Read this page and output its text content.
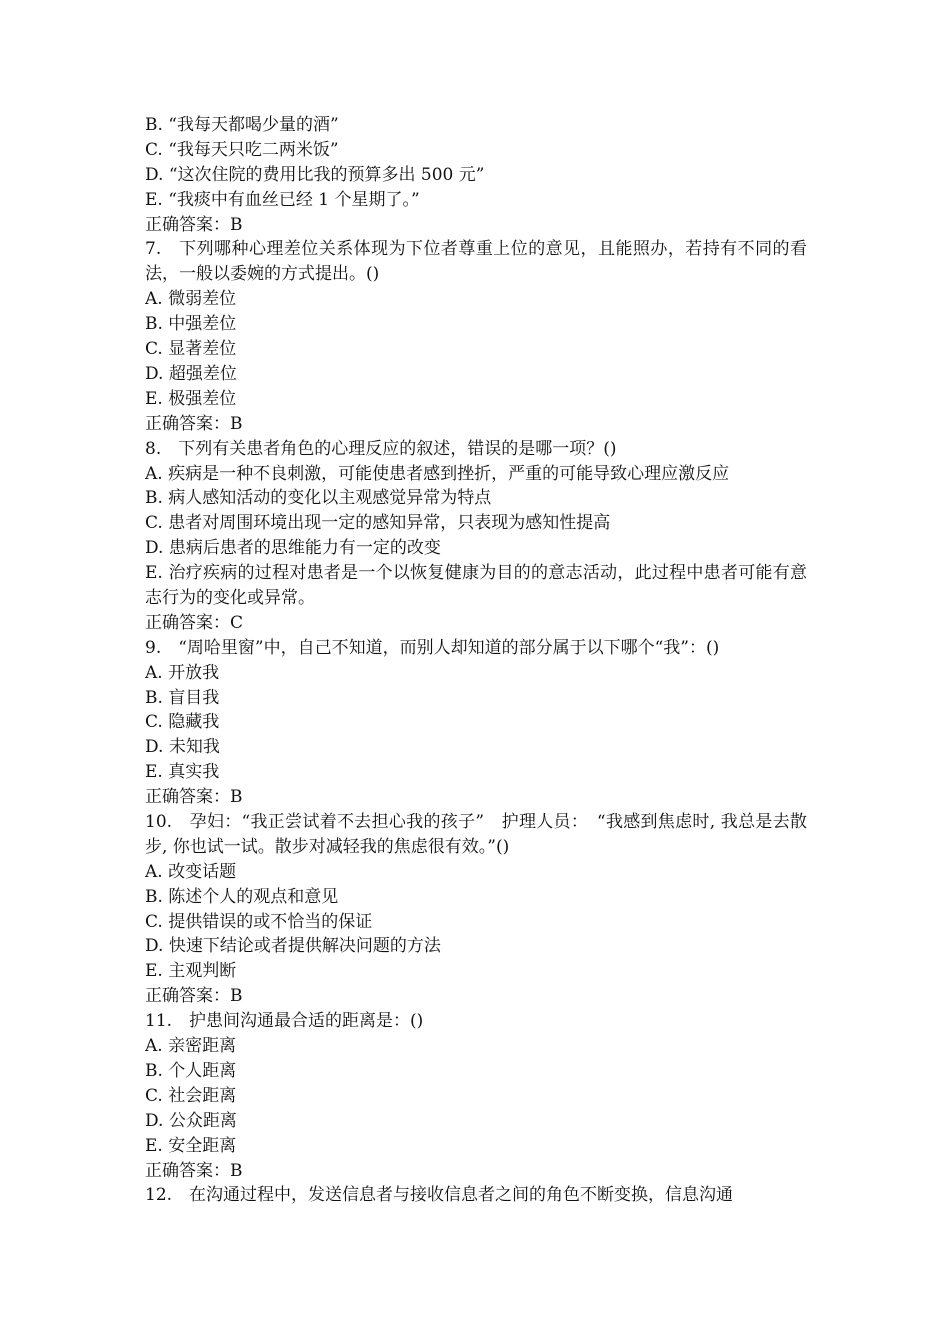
B. “我每天都喝少量的酒”
C. “我每天只吃二两米饭”
D. “这次住院的费用比我的预算多出 500 元”
E. “我痰中有血丝已经 1 个星期了。”
正确答案：B
7.　下列哪种心理差位关系体现为下位者尊重上位的意见，且能照办，若持有不同的看法，一般以委婉的方式提出。()
A. 微弱差位
B. 中强差位
C. 显著差位
D. 超强差位
E. 极强差位
正确答案：B
8.　下列有关患者角色的心理反应的叙述，错误的是哪一项？()
A. 疾病是一种不良刺激，可能使患者感到挫折，严重的可能导致心理应激反应
B. 病人感知活动的变化以主观感觉异常为特点
C. 患者对周围环境出现一定的感知异常，只表现为感知性提高
D. 患病后患者的思维能力有一定的改变
E. 治疗疾病的过程对患者是一个以恢复健康为目的的意志活动，此过程中患者可能有意志行为的变化或异常。
正确答案：C
9.　“周哈里窗”中，自己不知道，而别人却知道的部分属于以下哪个“我”：()
A. 开放我
B. 盲目我
C. 隐藏我
D. 未知我
E. 真实我
正确答案：B
10.　孕妇：“我正尝试着不去担心我的孩子”　护理人员：　“我感到焦虑时, 我总是去散步, 你也试一试。散步对减轻我的焦虑很有效。”()
A. 改变话题
B. 陈述个人的观点和意见
C. 提供错误的或不恰当的保证
D. 快速下结论或者提供解决问题的方法
E. 主观判断
正确答案：B
11.　护患间沟通最合适的距离是：()
A. 亲密距离
B. 个人距离
C. 社会距离
D. 公众距离
E. 安全距离
正确答案：B
12.　在沟通过程中，发送信息者与接收信息者之间的角色不断变换，信息沟通
